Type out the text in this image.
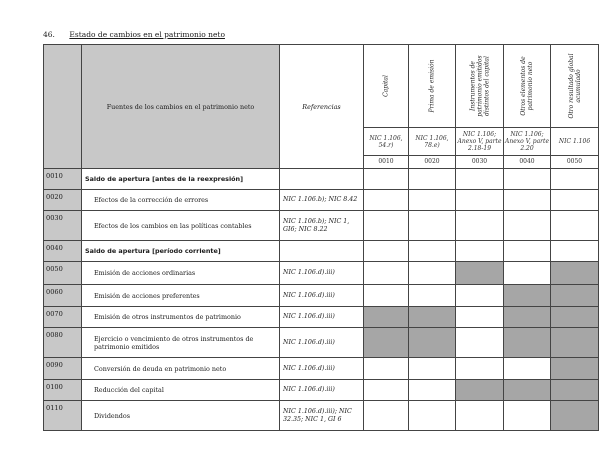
46. Estado de cambios en el patrimonio neto
	Fuentes de los cambios en el patrimonio neto	Referencias	Capital	Prima de emisión	Instrumentos de patrimonio emitidos distintos del capital	Otros elementos de patrimonio neto	Otro resultado global acumulado

			NIC 1.106, 54.r)	NIC 1.106, 78.e)	NIC 1.106; Anexo V, parte 2.18-19	NIC 1.106; Anexo V, parte 2.20	NIC 1.106
			0010	0020	0030	0040	0050
0010	Saldo de apertura [antes de la reexpresión]						
0020	Efectos de la corrección de errores	NIC 1.106.b); NIC 8.42					
0030	Efectos de los cambios en las políticas contables	NIC 1.106.b); NIC 1, GI6; NIC 8.22					
0040	Saldo de apertura [período corriente]						
0050	Emisión de acciones ordinarias	NIC 1.106.d).iii)					
0060	Emisión de acciones preferentes	NIC 1.106.d).iii)					
0070	Emisión de otros instrumentos de patrimonio	NIC 1.106.d).iii)					
0080	Ejercicio o vencimiento de otros instrumentos de patrimonio emitidos	NIC 1.106.d).iii)					
0090	Conversión de deuda en patrimonio neto	NIC 1.106.d).iii)					
0100	Reducción del capital	NIC 1.106.d).iii)					
0110	Dividendos	NIC 1.106.d).iii); NIC 32.35; NIC 1, GI 6					
